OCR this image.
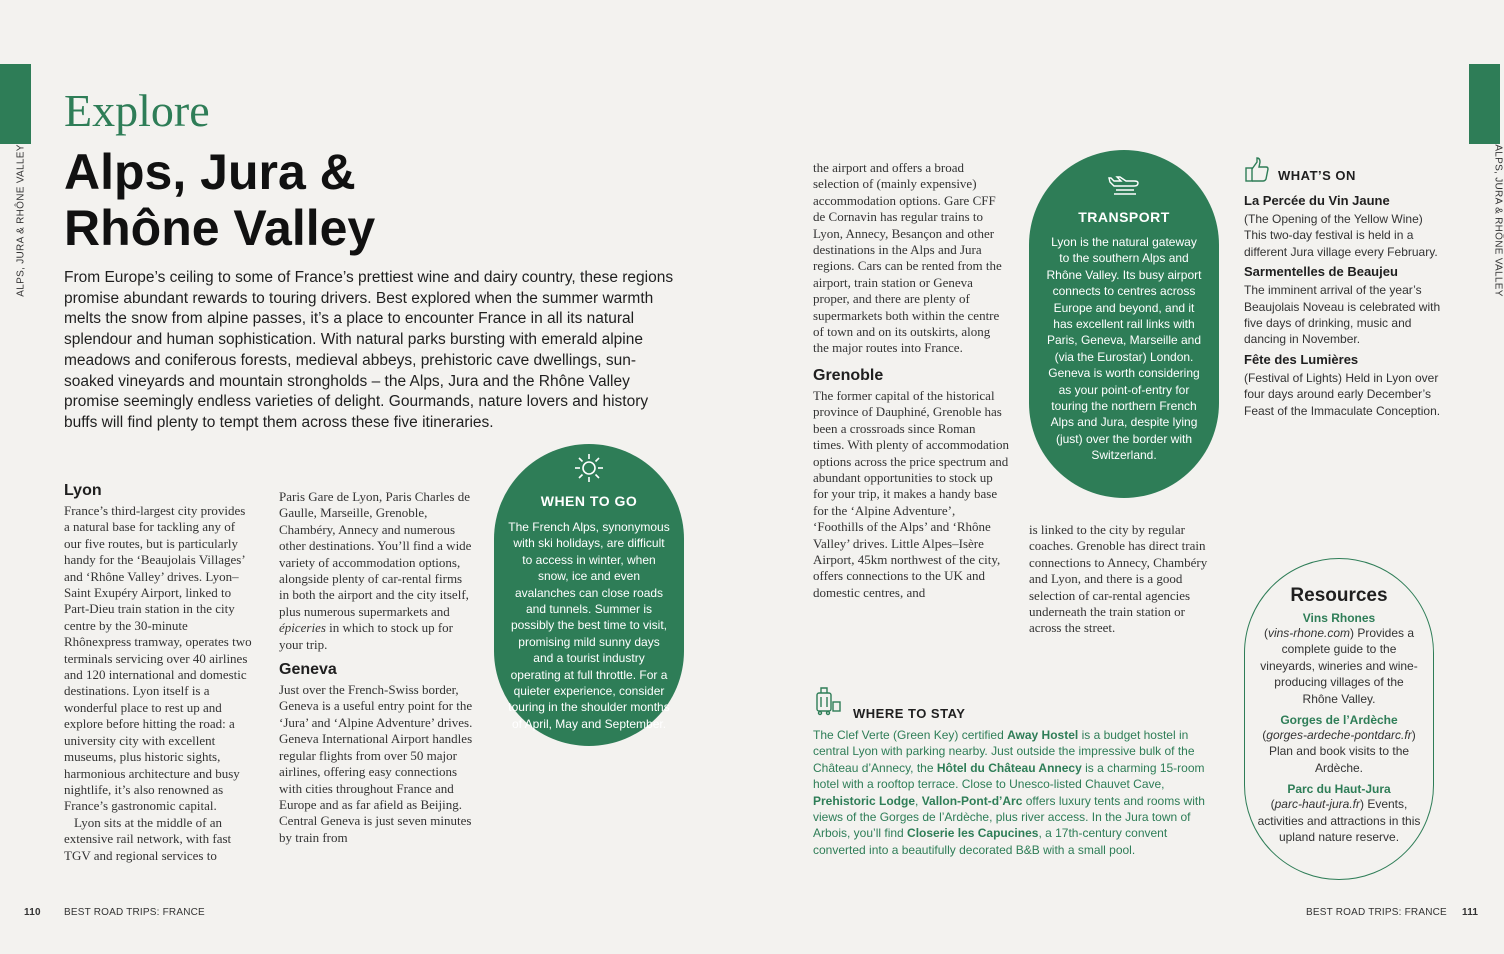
ALPS, JURA & RHÔNE VALLEY	ALPS, JURA & RHÔNE VALLEY
Explore
Alps, Jura &
Rhône Valley
From Europe’s ceiling to some of France’s prettiest wine and dairy country, these regions promise abundant rewards to touring drivers. Best explored when the summer warmth melts the snow from alpine passes, it’s a place to encounter France in all its natural splendour and human sophistication. With natural parks bursting with emerald alpine meadows and coniferous forests, medieval abbeys, prehistoric cave dwellings, sun-soaked vineyards and mountain strongholds – the Alps, Jura and the Rhône Valley promise seemingly endless varieties of delight. Gourmands, nature lovers and history buffs will find plenty to tempt them across these five itineraries.
Lyon

France’s third-largest city provides a natural base for tackling any of our five routes, but is particularly handy for the ‘Beaujolais Villages’ and ‘Rhône Valley’ drives. Lyon–Saint Exupéry Airport, linked to Part-Dieu train station in the city centre by the 30-minute Rhônexpress tramway, operates two terminals servicing over 40 airlines and 120 international and domestic destinations. Lyon itself is a wonderful place to rest up and explore before hitting the road: a university city with excellent museums, plus historic sights, harmonious architecture and busy nightlife, it’s also renowned as France’s gastronomic capital.

Lyon sits at the middle of an extensive rail network, with fast TGV and regional services to

Paris Gare de Lyon, Paris Charles de Gaulle, Marseille, Grenoble, Chambéry, Annecy and numerous other destinations. You’ll find a wide variety of accommodation options, alongside plenty of car-rental firms in both the airport and the city itself, plus numerous supermarkets and épiceries in which to stock up for your trip.

Geneva

Just over the French-Swiss border, Geneva is a useful entry point for the ‘Jura’ and ‘Alpine Adventure’ drives. Geneva International Airport handles regular flights from over 50 major airlines, offering easy connections with cities throughout France and Europe and as far afield as Beijing. Central Geneva is just seven minutes by train from

WHEN TO GO
The French Alps, synonymous with ski holidays, are difficult to access in winter, when snow, ice and even avalanches can close roads and tunnels. Summer is possibly the best time to visit, promising mild sunny days and a tourist industry operating at full throttle. For a quieter experience, consider touring in the shoulder months of April, May and September.

the airport and offers a broad selection of (mainly expensive) accommodation options. Gare CFF de Cornavin has regular trains to Lyon, Annecy, Besançon and other destinations in the Alps and Jura regions. Cars can be rented from the airport, train station or Geneva proper, and there are plenty of supermarkets both within the centre of town and on its outskirts, along the major routes into France.

Grenoble

The former capital of the historical province of Dauphiné, Grenoble has been a crossroads since Roman times. With plenty of accommodation options across the price spectrum and abundant opportunities to stock up for your trip, it makes a handy base for the ‘Alpine Adventure’, ‘Foothills of the Alps’ and ‘Rhône Valley’ drives. Little Alpes–Isère Airport, 45km northwest of the city, offers connections to the UK and domestic centres, and

TRANSPORT
Lyon is the natural gateway to the southern Alps and Rhône Valley. Its busy airport connects to centres across Europe and beyond, and it has excellent rail links with Paris, Geneva, Marseille and (via the Eurostar) London. Geneva is worth considering as your point-of-entry for touring the northern French Alps and Jura, despite lying (just) over the border with Switzerland.

is linked to the city by regular coaches. Grenoble has direct train connections to Annecy, Chambéry and Lyon, and there is a good selection of car-rental agencies underneath the train station or across the street.

WHAT’S ON
La Percée du Vin Jaune
(The Opening of the Yellow Wine) This two-day festival is held in a different Jura village every February.
Sarmentelles de Beaujeu
The imminent arrival of the year’s Beaujolais Noveau is celebrated with five days of drinking, music and dancing in November.
Fête des Lumières
(Festival of Lights) Held in Lyon over four days around early December’s Feast of the Immaculate Conception.
WHERE TO STAY

The Clef Verte (Green Key) certified Away Hostel is a budget hostel in central Lyon with parking nearby. Just outside the impressive bulk of the Château d’Annecy, the Hôtel du Château Annecy is a charming 15-room hotel with a rooftop terrace. Close to Unesco-listed Chauvet Cave, Prehistoric Lodge, Vallon-Pont-d’Arc offers luxury tents and rooms with views of the Gorges de l’Ardèche, plus river access. In the Jura town of Arbois, you’ll find Closerie les Capucines, a 17th-century convent converted into a beautifully decorated B&B with a small pool.

Resources
Vins Rhones
(vins-rhone.com) Provides a complete guide to the vineyards, wineries and wine-producing villages of the Rhône Valley.
Gorges de l’Ardèche
(gorges-ardeche-pontdarc.fr) Plan and book visits to the Ardèche.
Parc du Haut-Jura
(parc-haut-jura.fr) Events, activities and attractions in this upland nature reserve.
110 BEST ROAD TRIPS: FRANCE	BEST ROAD TRIPS: FRANCE 111
